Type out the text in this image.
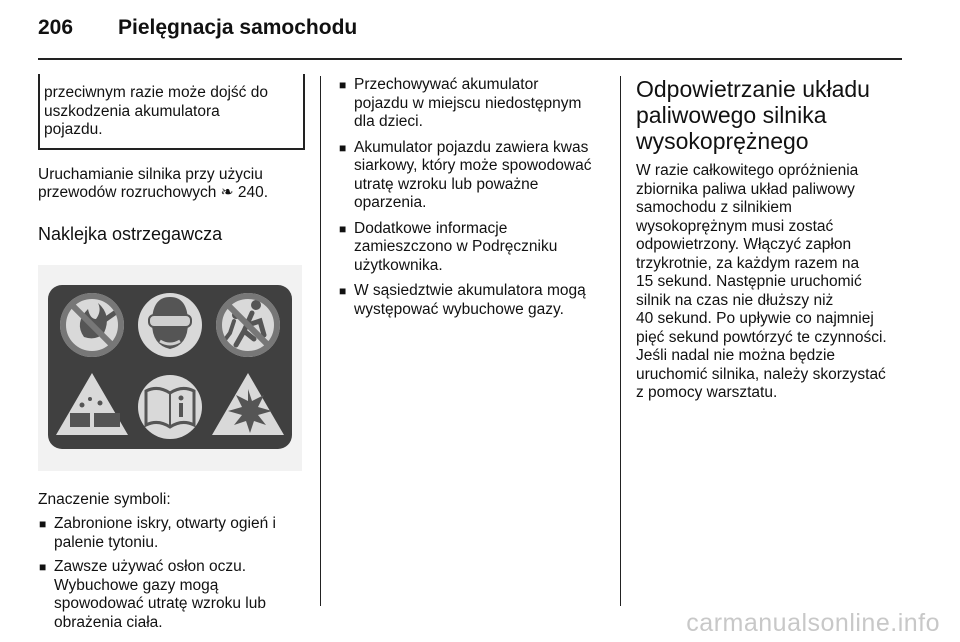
206 Pielęgnacja samochodu
przeciwnym razie może dojść do
uszkodzenia akumulatora
pojazdu.
Uruchamianie silnika przy użyciu
przewodów rozruchowych ❧ 240.
Naklejka ostrzegawcza
Znaczenie symboli:
■ Zabronione iskry, otwarty ogień i
palenie tytoniu.
■ Zawsze używać osłon oczu.
Wybuchowe gazy mogą
spowodować utratę wzroku lub
obrażenia ciała.
■ Przechowywać akumulator
pojazdu w miejscu niedostępnym
dla dzieci.
■ Akumulator pojazdu zawiera kwas
siarkowy, który może spowodować
utratę wzroku lub poważne
oparzenia.
■ Dodatkowe informacje
zamieszczono w Podręczniku
użytkownika.
■ W sąsiedztwie akumulatora mogą
występować wybuchowe gazy.
Odpowietrzanie układu
paliwowego silnika
wysokoprężnego
W razie całkowitego opróżnienia
zbiornika paliwa układ paliwowy
samochodu z silnikiem
wysokoprężnym musi zostać
odpowietrzony. Włączyć zapłon
trzykrotnie, za każdym razem na
15 sekund. Następnie uruchomić
silnik na czas nie dłuższy niż
40 sekund. Po upływie co najmniej
pięć sekund powtórzyć te czynności.
Jeśli nadal nie można będzie
uruchomić silnika, należy skorzystać
z pomocy warsztatu.
carmanualsonline.info
